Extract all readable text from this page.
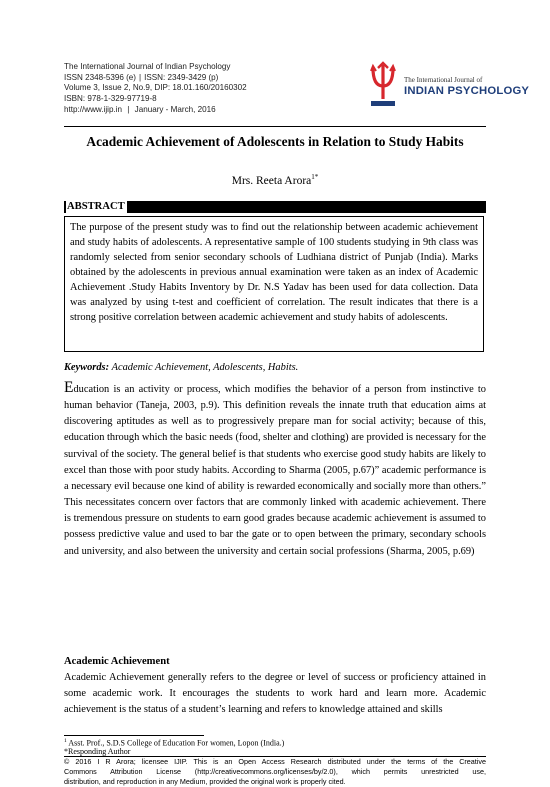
The International Journal of Indian Psychology
ISSN 2348-5396 (e) | ISSN: 2349-3429 (p)
Volume 3, Issue 2, No.9, DIP: 18.01.160/20160302
ISBN: 978-1-329-97719-8
http://www.ijip.in | January - March, 2016
The International Journal of
INDIAN PSYCHOLOGY
Academic Achievement of Adolescents in Relation to Study Habits
Mrs. Reeta Arora$^{1*}$
ABSTRACT
The purpose of the present study was to find out the relationship between academic achievement and study habits of adolescents. A representative sample of 100 students studying in 9th class was randomly selected from senior secondary schools of Ludhiana district of Punjab (India). Marks obtained by the adolescents in previous annual examination were taken as an index of Academic Achievement .Study Habits Inventory by Dr. N.S Yadav has been used for data collection. Data was analyzed by using t-test and coefficient of correlation. The result indicates that there is a strong positive correlation between academic achievement and study habits of adolescents.
Keywords: Academic Achievement, Adolescents, Habits.
Education is an activity or process, which modifies the behavior of a person from instinctive to human behavior (Taneja, 2003, p.9). This definition reveals the innate truth that education aims at discovering aptitudes as well as to progressively prepare man for social activity; because of this, education through which the basic needs (food, shelter and clothing) are provided is necessary for the survival of the society. The general belief is that students who exercise good study habits are likely to excel than those with poor study habits. According to Sharma (2005, p.67)” academic performance is a necessary evil because one kind of ability is rewarded economically and socially more than others.” This necessitates concern over factors that are commonly linked with academic achievement. There is tremendous pressure on students to earn good grades because academic achievement is assumed to possess predictive value and used to bar the gate or to open between the primary, secondary schools and university, and also between the university and certain social professions (Sharma, 2005, p.69)
Academic Achievement
Academic Achievement generally refers to the degree or level of success or proficiency attained in some academic work. It encourages the students to work hard and learn more. Academic achievement is the status of a student’s learning and refers to knowledge attained and skills
$^1$ Asst. Prof., S.D.S College of Education For women, Lopon (India.)
*Responding Author
© 2016 I R Arora; licensee IJIP. This is an Open Access Research distributed under the terms of the Creative
Commons Attribution License (http://creativecommons.org/licenses/by/2.0), which permits unrestricted use,
distribution, and reproduction in any Medium, provided the original work is properly cited.
